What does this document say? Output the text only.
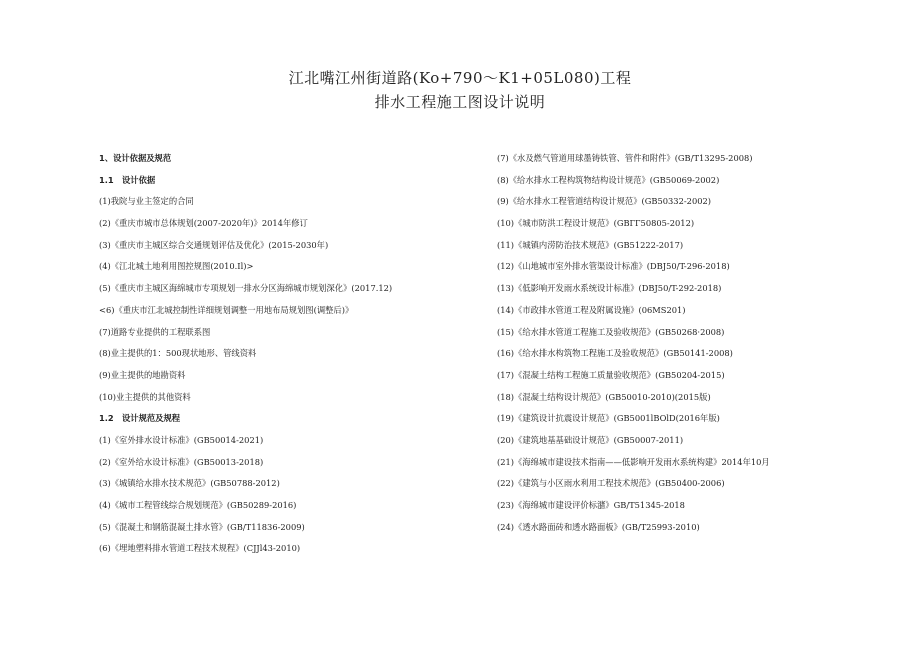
江北嘴江州街道路(Ko+790～K1+05L080)工程
排水工程施工图设计说明
1、设计依据及规范
1.1　设计依据
(1)我院与业主签定的合同
(2)《重庆市城市总体规划(2007-2020年)》2014年修订
(3)《重庆市主城区综合交通规划评估及优化》(2015-2030年)
(4)《江北城土地利用图控规图(2010.Il)>
(5)《重庆市主城区海绵城市专项规划一排水分区海绵城市规划深化》(2017.12)
<6)《重庆市江北城控制性详细规划调整一用地布局规划图(调整后)》
(7)道路专业提供的工程联系图
(8)业主提供的1：500现状地形、管线资料
(9)业主提供的地勘资料
(10)业主提供的其他资料
1.2　设计规范及规程
(1)《室外排水设计标准》(GB50014-2021)
(2)《室外给水设计标准》(GB50013-2018)
(3)《城镇给水排水技术规范》(GB50788-2012)
(4)《城市工程管线综合规划规范》(GB50289-2016)
(5)《混凝土和钢筋混凝土排水管》(GB/T11836-2009)
(6)《埋地塑料排水管道工程技术规程》(CJJl43-2010)
(7)《水及燃气管道用球墨铸铁管、管件和附件》(GB/T13295-2008)
(8)《给水排水工程构筑物结构设计规范》(GB50069-2002)
(9)《给水排水工程管道结构设计规范》(GB50332-2002)
(10)《城市防洪工程设计规范》(GBГГ50805-2012)
(11)《城镇内涝防治技术规范》(GB51222-2017)
(12)《山地城市室外排水管渠设计标准》(DBJ50/T-296-2018)
(13)《低影响开发雨水系统设计标准》(DBJ50/T-292-2018)
(14)《市政排水管道工程及附属设施》(06MS201)
(15)《给水排水管道工程施工及验收规范》(GB50268·2008)
(16)《给水排水构筑物工程施工及验收规范》(GB50141-2008)
(17)《混凝土结构工程施工质量验收规范》(GB50204-2015)
(18)《混凝土结构设计规范》(GB50010-2010)(2015版)
(19)《建筑设计抗震设计规范》(GB5001lBOlD(2016年版)
(20)《建筑地基基础设计规范》(GB50007-2011)
(21)《海绵城市建设技术指南——低影响开发雨水系统构建》2014年10月
(22)《建筑与小区雨水利用工程技术规范》(GB50400-2006)
(23)《海绵城市建设评价标潴》GB/T51345-2018
(24)《透水路面砖和透水路面板》(GB/T25993-2010)
